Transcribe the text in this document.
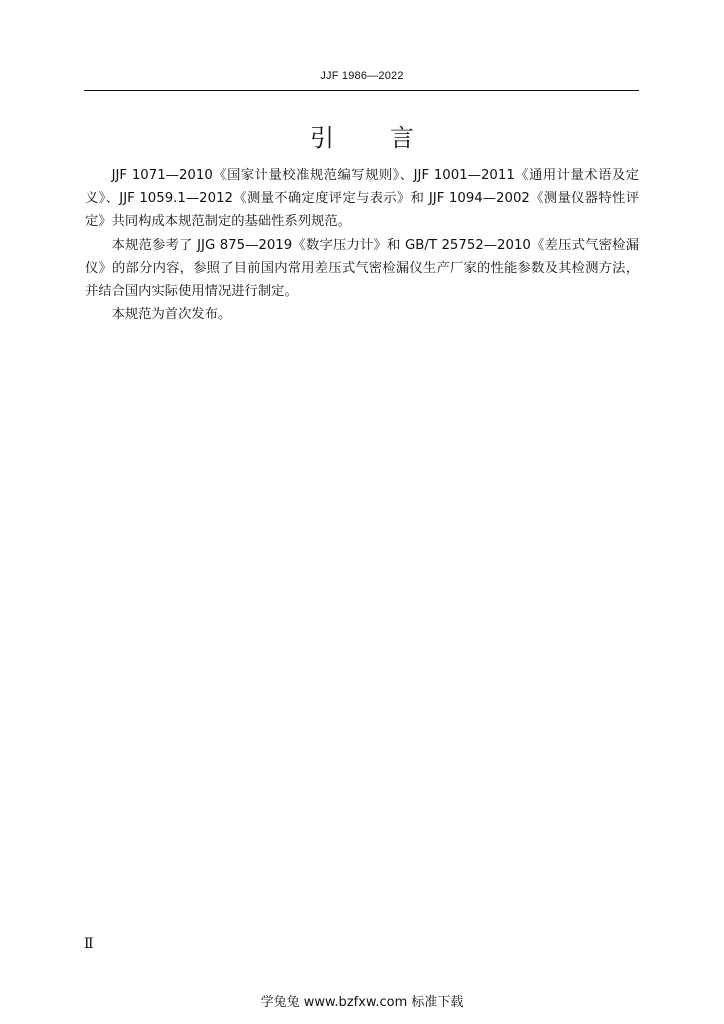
JJF 1986—2022
引言

JJF 1071—2010《国家计量校准规范编写规则》、JJF 1001—2011《通用计量术语及定义》、JJF 1059.1—2012《测量不确定度评定与表示》和 JJF 1094—2002《测量仪器特性评定》共同构成本规范制定的基础性系列规范。

本规范参考了 JJG 875—2019《数字压力计》和 GB/T 25752—2010《差压式气密检漏仪》的部分内容，参照了目前国内常用差压式气密检漏仪生产厂家的性能参数及其检测方法，并结合国内实际使用情况进行制定。

本规范为首次发布。

Ⅱ
学兔兔 www.bzfxw.com 标准下载
